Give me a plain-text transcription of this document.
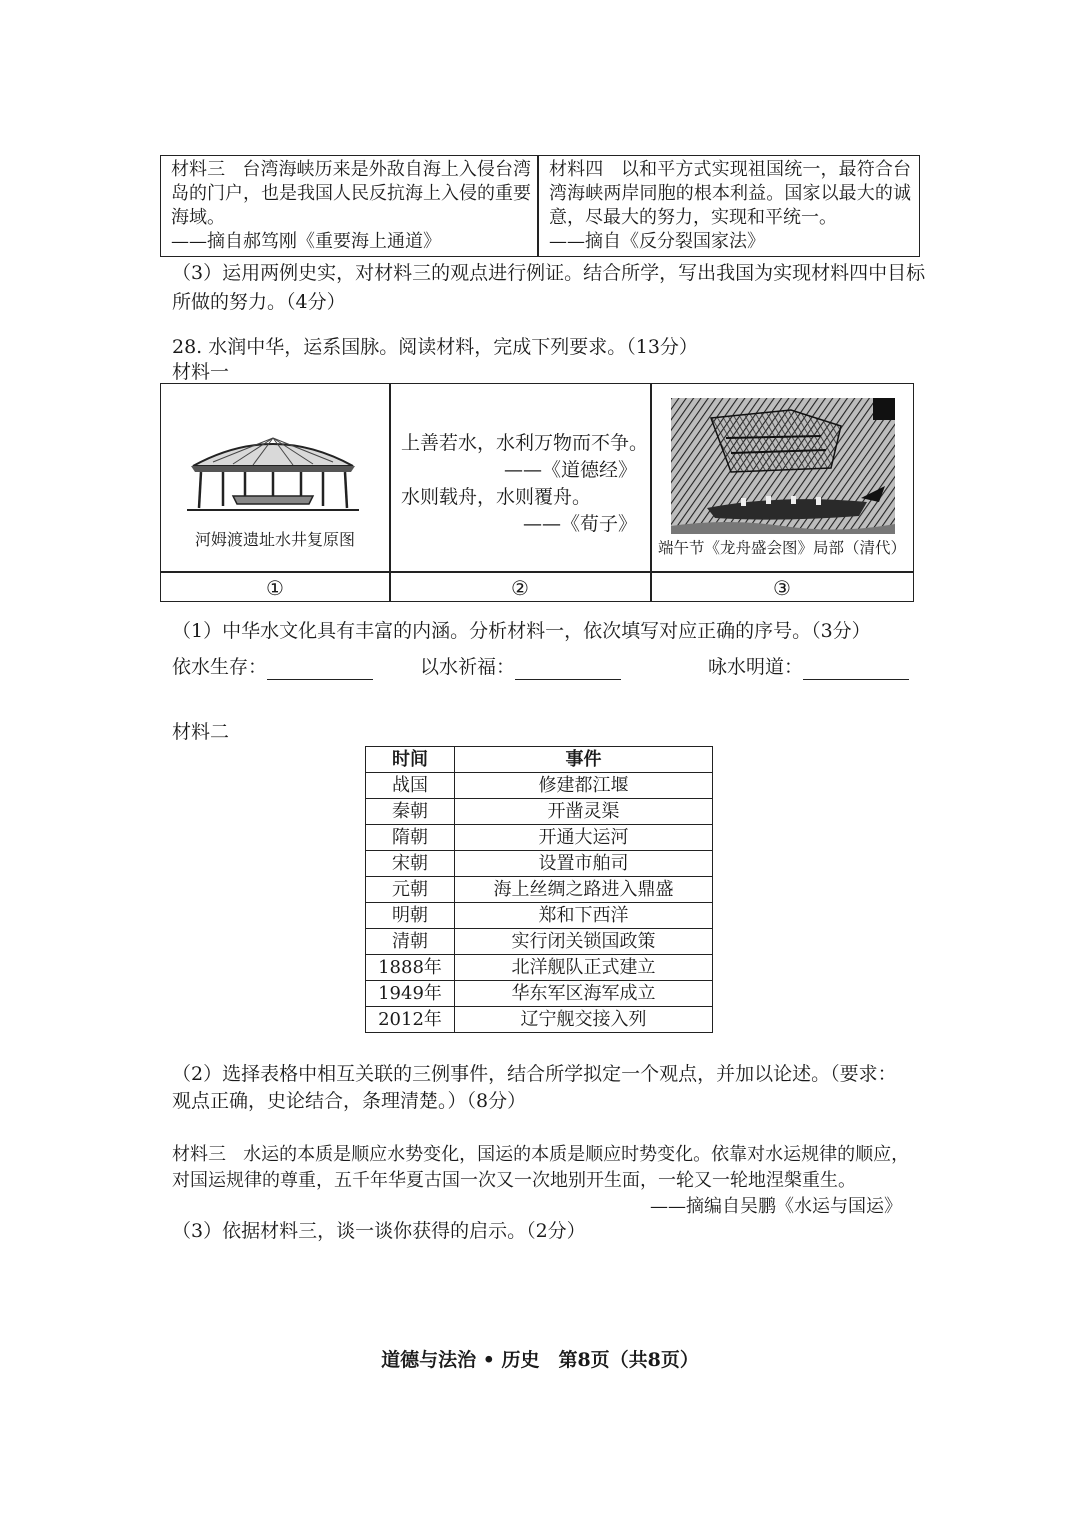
材料三 台湾海峡历来是外敌自海上入侵台湾岛的门户，也是我国人民反抗海上入侵的重要海域。
——摘自郝笃刚《重要海上通道》
材料四 以和平方式实现祖国统一，最符合台湾海峡两岸同胞的根本利益。国家以最大的诚意，尽最大的努力，实现和平统一。
——摘自《反分裂国家法》
（3）运用两例史实，对材料三的观点进行例证。结合所学，写出我国为实现材料四中目标
所做的努力。（4分）
28. 水润中华，运系国脉。阅读材料，完成下列要求。（13分）
材料一
河姆渡遗址水井复原图
上善若水，水利万物而不争。
——《道德经》
水则载舟，水则覆舟。
——《荀子》
端午节《龙舟盛会图》局部（清代）
①	②	③
（1）中华水文化具有丰富的内涵。分析材料一，依次填写对应正确的序号。（3分）
依水生存：	以水祈福：	咏水明道：
材料二
时间	事件
战国	修建都江堰
秦朝	开凿灵渠
隋朝	开通大运河
宋朝	设置市舶司
元朝	海上丝绸之路进入鼎盛
明朝	郑和下西洋
清朝	实行闭关锁国政策
1888年	北洋舰队正式建立
1949年	华东军区海军成立
2012年	辽宁舰交接入列
（2）选择表格中相互关联的三例事件，结合所学拟定一个观点，并加以论述。（要求：
观点正确，史论结合，条理清楚。）（8分）
材料三 水运的本质是顺应水势变化，国运的本质是顺应时势变化。依靠对水运规律的顺应，
对国运规律的尊重，五千年华夏古国一次又一次地别开生面，一轮又一轮地涅槃重生。
——摘编自吴鹏《水运与国运》
（3）依据材料三，谈一谈你获得的启示。（2分）
道德与法治 • 历史　第8页（共8页）
